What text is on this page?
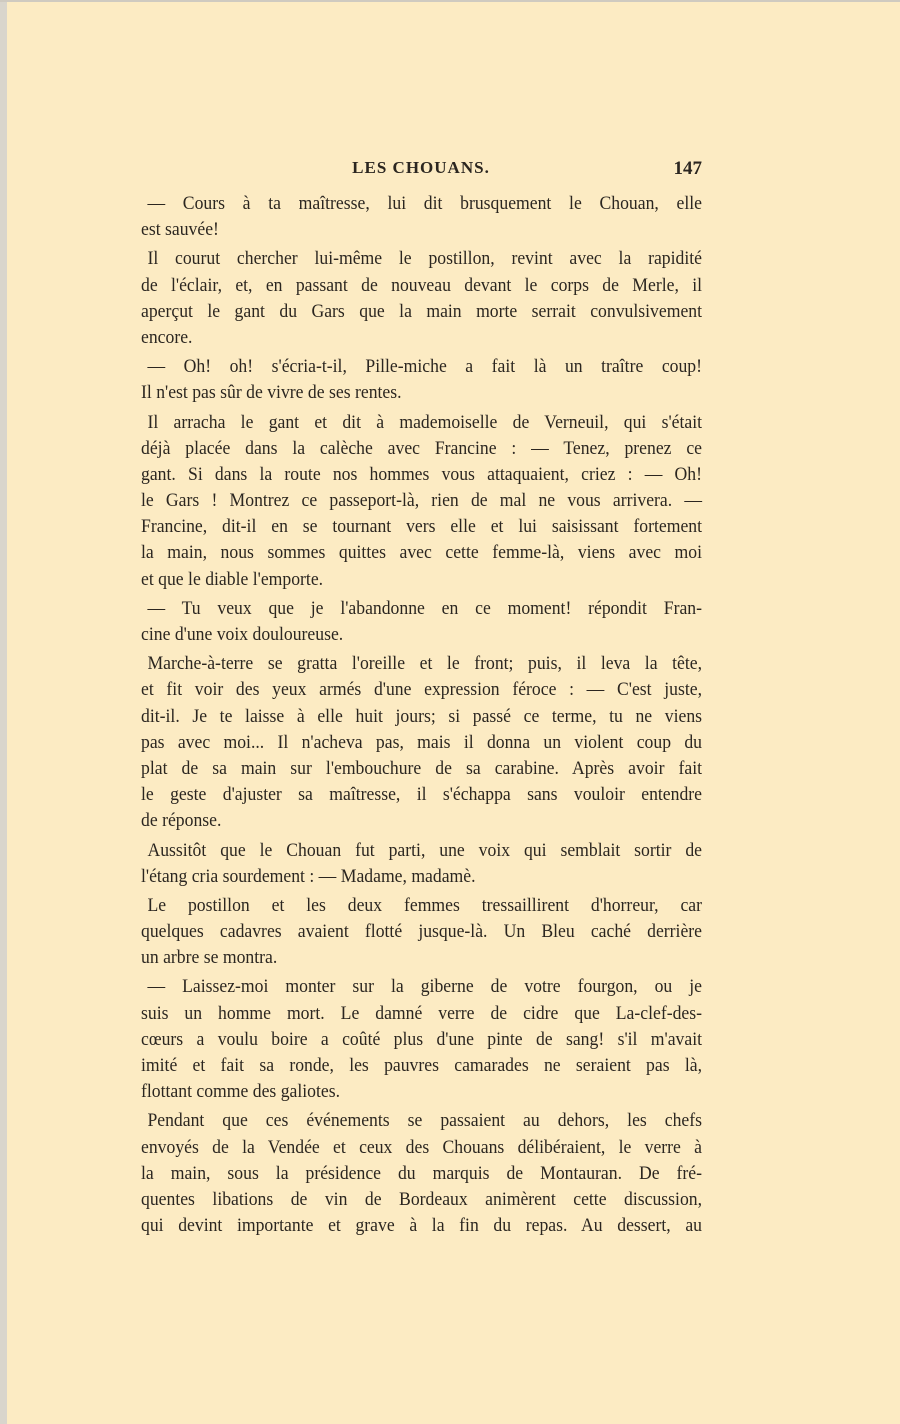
LES CHOUANS.	147
— Cours à ta maîtresse, lui dit brusquement le Chouan, elle
est sauvée!
Il courut chercher lui-même le postillon, revint avec la rapidité
de l'éclair, et, en passant de nouveau devant le corps de Merle, il
aperçut le gant du Gars que la main morte serrait convulsivement
encore.
— Oh! oh! s'écria-t-il, Pille-miche a fait là un traître coup!
Il n'est pas sûr de vivre de ses rentes.
Il arracha le gant et dit à mademoiselle de Verneuil, qui s'était
déjà placée dans la calèche avec Francine : — Tenez, prenez ce
gant. Si dans la route nos hommes vous attaquaient, criez : — Oh!
le Gars ! Montrez ce passeport-là, rien de mal ne vous arrivera. —
Francine, dit-il en se tournant vers elle et lui saisissant fortement
la main, nous sommes quittes avec cette femme-là, viens avec moi
et que le diable l'emporte.
— Tu veux que je l'abandonne en ce moment! répondit Fran-
cine d'une voix douloureuse.
Marche-à-terre se gratta l'oreille et le front; puis, il leva la tête,
et fit voir des yeux armés d'une expression féroce : — C'est juste,
dit-il. Je te laisse à elle huit jours; si passé ce terme, tu ne viens
pas avec moi... Il n'acheva pas, mais il donna un violent coup du
plat de sa main sur l'embouchure de sa carabine. Après avoir fait
le geste d'ajuster sa maîtresse, il s'échappa sans vouloir entendre
de réponse.
Aussitôt que le Chouan fut parti, une voix qui semblait sortir de
l'étang cria sourdement : — Madame, madamè.
Le postillon et les deux femmes tressaillirent d'horreur, car
quelques cadavres avaient flotté jusque-là. Un Bleu caché derrière
un arbre se montra.
— Laissez-moi monter sur la giberne de votre fourgon, ou je
suis un homme mort. Le damné verre de cidre que La-clef-des-
cœurs a voulu boire a coûté plus d'une pinte de sang! s'il m'avait
imité et fait sa ronde, les pauvres camarades ne seraient pas là,
flottant comme des galiotes.
Pendant que ces événements se passaient au dehors, les chefs
envoyés de la Vendée et ceux des Chouans délibéraient, le verre à
la main, sous la présidence du marquis de Montauran. De fré-
quentes libations de vin de Bordeaux animèrent cette discussion,
qui devint importante et grave à la fin du repas. Au dessert, au
